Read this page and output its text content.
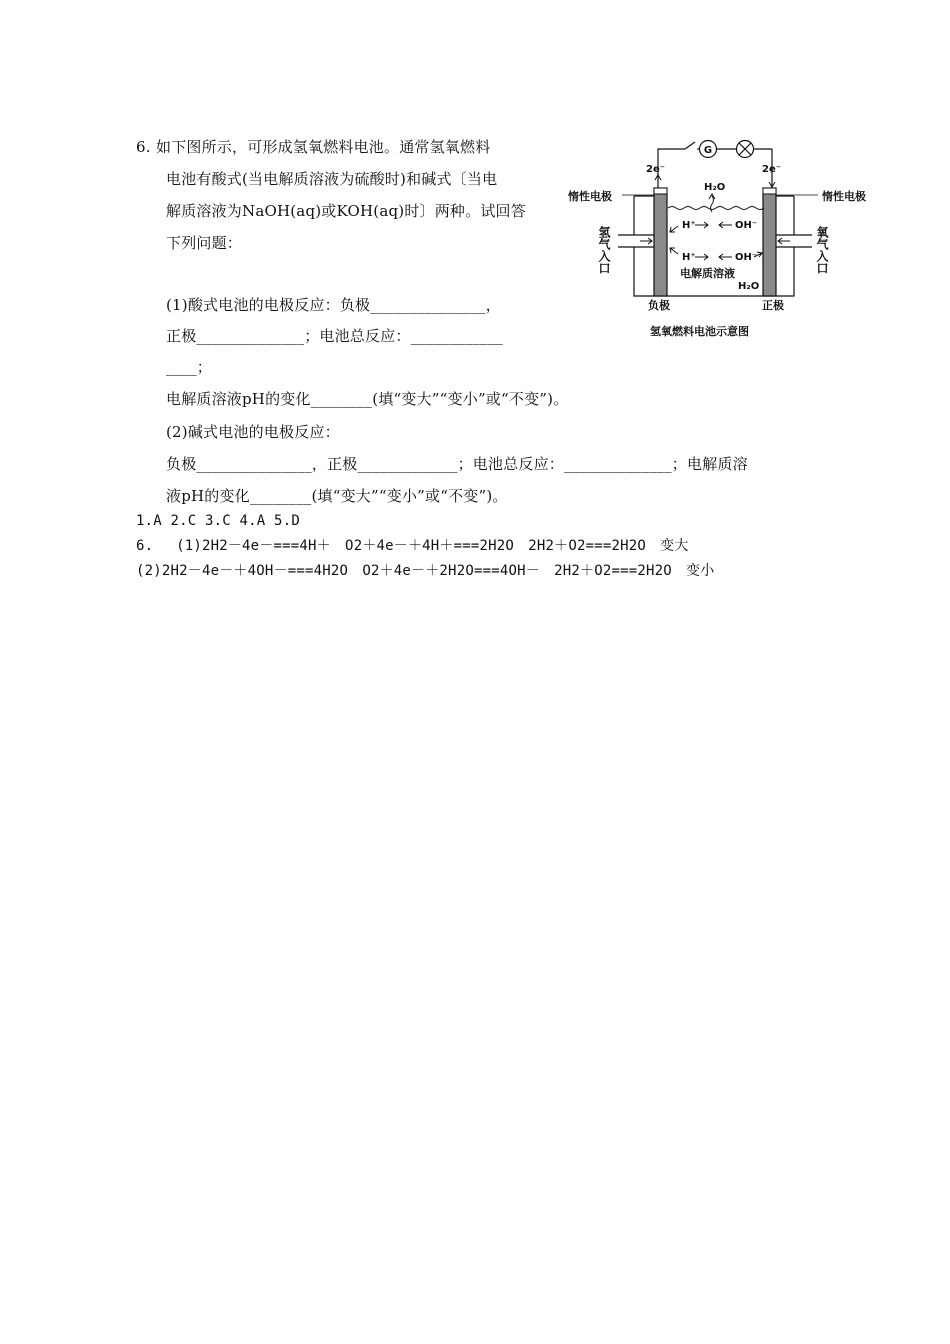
6. 如下图所示，可形成氢氧燃料电池。通常氢氧燃料
电池有酸式(当电解质溶液为硫酸时)和碱式〔当电
解质溶液为NaOH(aq)或KOH(aq)时〕两种。试回答
下列问题：
(1)酸式电池的电极反应：负极_______________，
正极______________；电池总反应：____________
____；
电解质溶液pH的变化________(填“变大”“变小”或“不变”)。
(2)碱式电池的电极反应：
负极_______________，正极_____________；电池总反应：______________；电解质溶
液pH的变化________(填“变大”“变小”或“不变”)。
1.A 2.C 3.C 4.A 5.D
6.　 (1)2H2－4e－===4H＋　O2＋4e－＋4H＋===2H2O　2H2＋O2===2H2O　变大
(2)2H2－4e－＋4OH－===4H2O　O2＋4e－＋2H2O===4OH－　2H2＋O2===2H2O　变小
G
2e⁻	2e⁻
惰性电极	惰性电极
H₂O
H⁺	OH⁻
H⁺	OH⁻
电解质溶液
H₂O
氢气入口	氧气入口
负极	正极
氢氧燃料电池示意图
